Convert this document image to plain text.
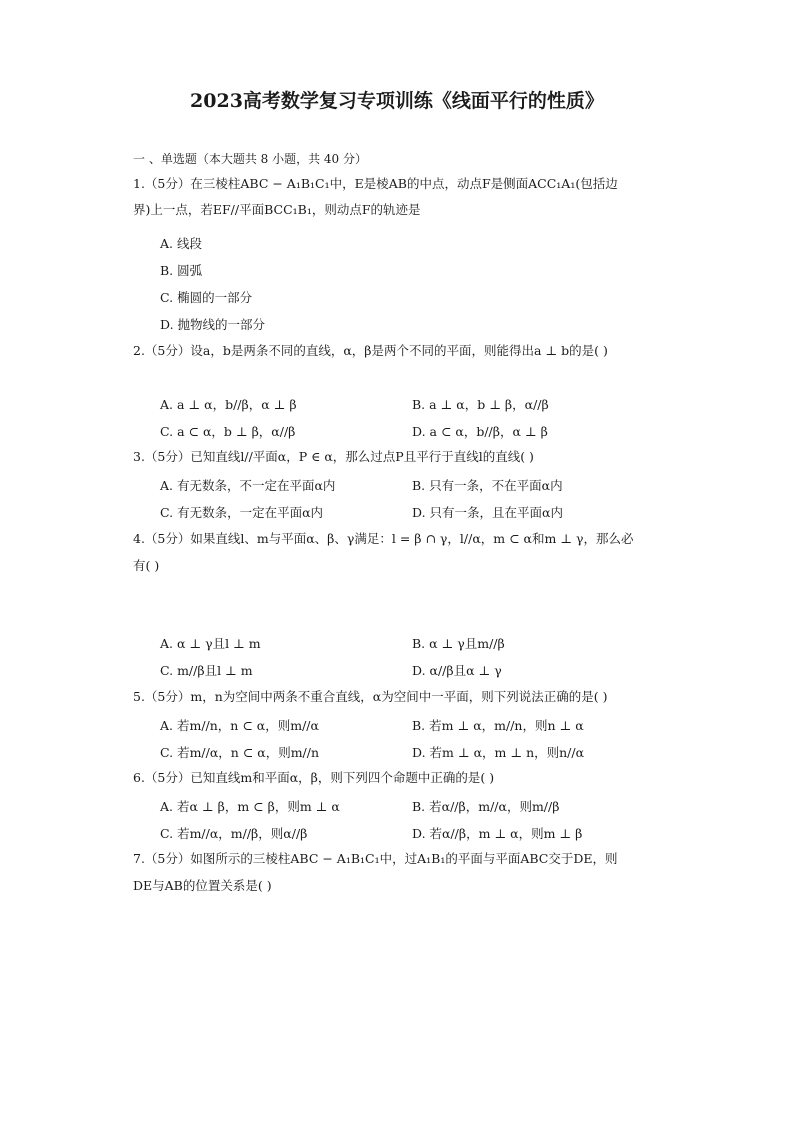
2023高考数学复习专项训练《线面平行的性质》
一 、单选题（本大题共 8 小题，共 40 分）
1.（5分）在三棱柱ABC − A₁B₁C₁中，E是棱AB的中点，动点F是侧面ACC₁A₁(包括边
界)上一点，若EF//平面BCC₁B₁，则动点F的轨迹是
A. 线段
B. 圆弧
C. 椭圆的一部分
D. 抛物线的一部分
2.（5分）设a，b是两条不同的直线，α，β是两个不同的平面，则能得出a ⊥ b的是( )
A. a ⊥ α，b//β，α ⊥ β	B. a ⊥ α，b ⊥ β，α//β
C. a ⊂ α，b ⊥ β，α//β	D. a ⊂ α，b//β，α ⊥ β
3.（5分）已知直线l//平面α，P ∈ α，那么过点P且平行于直线l的直线( )
A. 有无数条，不一定在平面α内	B. 只有一条，不在平面α内
C. 有无数条，一定在平面α内	D. 只有一条，且在平面α内
4.（5分）如果直线l、m与平面α、β、γ满足：l = β ∩ γ，l//α，m ⊂ α和m ⊥ γ，那么必
有( )
A. α ⊥ γ且l ⊥ m	B. α ⊥ γ且m//β
C. m//β且l ⊥ m	D. α//β且α ⊥ γ
5.（5分）m，n为空间中两条不重合直线，α为空间中一平面，则下列说法正确的是( )
A. 若m//n，n ⊂ α，则m//α	B. 若m ⊥ α，m//n，则n ⊥ α
C. 若m//α，n ⊂ α，则m//n	D. 若m ⊥ α，m ⊥ n，则n//α
6.（5分）已知直线m和平面α，β，则下列四个命题中正确的是( )
A. 若α ⊥ β，m ⊂ β，则m ⊥ α	B. 若α//β，m//α，则m//β
C. 若m//α，m//β，则α//β	D. 若α//β，m ⊥ α，则m ⊥ β
7.（5分）如图所示的三棱柱ABC − A₁B₁C₁中，过A₁B₁的平面与平面ABC交于DE，则
DE与AB的位置关系是( )
